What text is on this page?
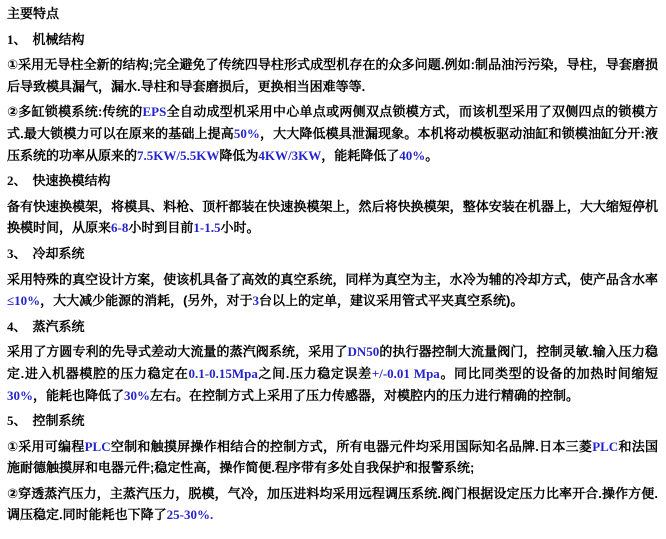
主要特点

1、 机械结构

①采用无导柱全新的结构;完全避免了传统四导柱形式成型机存在的众多问题.例如:制品油污污染，导柱，导套磨损后导致模具漏气，漏水.导柱和导套磨损后，更换相当困难等等.

②多缸锁模系统:传统的EPS全自动成型机采用中心单点或两侧双点锁模方式，而该机型采用了双侧四点的锁模方式.最大锁模力可以在原来的基础上提高50%，大大降低模具泄漏现象。本机将动模板驱动油缸和锁模油缸分开:液压系统的功率从原来的7.5KW/5.5KW降低为4KW/3KW，能耗降低了40%。

2、 快速换模结构

备有快速换模架，将模具、料枪、顶杆都装在快速换模架上，然后将快换模架，整体安装在机器上，大大缩短停机换模时间，从原来6-8小时到目前1-1.5小时。

3、 冷却系统

采用特殊的真空设计方案，使该机具备了高效的真空系统，同样为真空为主，水冷为辅的冷却方式，使产品含水率≤10%，大大减少能源的消耗，(另外，对于3台以上的定单，建议采用管式平夹真空系统)。

4、 蒸汽系统

采用了方圆专利的先导式差动大流量的蒸汽阀系统，采用了DN50的执行器控制大流量阀门，控制灵敏.输入压力稳定.进入机器模腔的压力稳定在0.1-0.15Mpa之间.压力稳定误差+/-0.01 Mpa。同比同类型的设备的加热时间缩短30%，能耗也降低了30%左右。在控制方式上采用了压力传感器，对模腔内的压力进行精确的控制。

5、 控制系统

①采用可编程PLC空制和触摸屏操作相结合的控制方式，所有电器元件均采用国际知名品牌.日本三菱PLC和法国施耐德触摸屏和电器元件;稳定性高，操作简便.程序带有多处自我保护和报警系统;

②穿透蒸汽压力，主蒸汽压力，脱模，气冷，加压进料均采用远程调压系统.阀门根据设定压力比率开合.操作方便.调压稳定.同时能耗也下降了25-30%.
